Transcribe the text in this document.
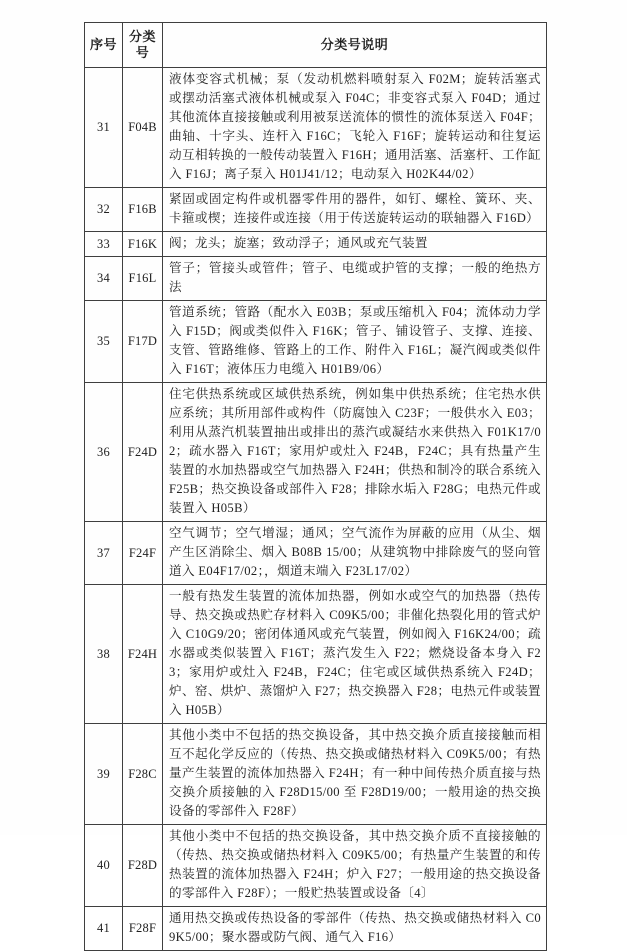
序号	分类号	分类号说明
31	F04B	液体变容式机械；泵（发动机燃料喷射泵入 F02M；旋转活塞式或摆动活塞式液体机械或泵入 F04C；非变容式泵入 F04D；通过其他流体直接接触或利用被泵送流体的惯性的流体泵送入 F04F；曲轴、十字头、连杆入 F16C；飞轮入 F16F；旋转运动和往复运动互相转换的一般传动装置入 F16H；通用活塞、活塞杆、工作缸入 F16J；离子泵入 H01J41/12；电动泵入 H02K44/02）
32	F16B	紧固或固定构件或机器零件用的器件，如钉、螺栓、簧环、夹、卡箍或楔；连接件或连接（用于传送旋转运动的联轴器入 F16D）
33	F16K	阀；龙头；旋塞；致动浮子；通风或充气装置
34	F16L	管子；管接头或管件；管子、电缆或护管的支撑；一般的绝热方法
35	F17D	管道系统；管路（配水入 E03B；泵或压缩机入 F04；流体动力学入 F15D；阀或类似件入 F16K；管子、铺设管子、支撑、连接、支管、管路维修、管路上的工作、附件入 F16L；凝汽阀或类似件入 F16T；液体压力电缆入 H01B9/06）
36	F24D	住宅供热系统或区域供热系统，例如集中供热系统；住宅热水供应系统；其所用部件或构件（防腐蚀入 C23F；一般供水入 E03；利用从蒸汽机装置抽出或排出的蒸汽或凝结水来供热入 F01K17/02；疏水器入 F16T；家用炉或灶入 F24B，F24C；具有热量产生装置的水加热器或空气加热器入 F24H；供热和制冷的联合系统入 F25B；热交换设备或部件入 F28；排除水垢入 F28G；电热元件或装置入 H05B）
37	F24F	空气调节；空气增湿；通风；空气流作为屏蔽的应用（从尘、烟产生区消除尘、烟入 B08B 15/00；从建筑物中排除废气的竖向管道入 E04F17/02；，烟道末端入 F23L17/02）
38	F24H	一般有热发生装置的流体加热器，例如水或空气的加热器（热传导、热交换或热贮存材料入 C09K5/00；非催化热裂化用的管式炉入 C10G9/20；密闭体通风或充气装置，例如阀入 F16K24/00；疏水器或类似装置入 F16T；蒸汽发生入 F22；燃烧设备本身入 F23；家用炉或灶入 F24B，F24C；住宅或区域供热系统入 F24D；炉、窑、烘炉、蒸馏炉入 F27；热交换器入 F28；电热元件或装置入 H05B）
39	F28C	其他小类中不包括的热交换设备，其中热交换介质直接接触而相互不起化学反应的（传热、热交换或储热材料入 C09K5/00；有热量产生装置的流体加热器入 F24H；有一种中间传热介质直接与热交换介质接触的入 F28D15/00 至 F28D19/00；一般用途的热交换设备的零部件入 F28F）
40	F28D	其他小类中不包括的热交换设备，其中热交换介质不直接接触的（传热、热交换或储热材料入 C09K5/00；有热量产生装置的和传热装置的流体加热器入 F24H；炉入 F27；一般用途的热交换设备的零部件入 F28F）；一般贮热装置或设备〔4〕
41	F28F	通用热交换或传热设备的零部件（传热、热交换或储热材料入 C09K5/00；聚水器或防气阀、通气入 F16）
